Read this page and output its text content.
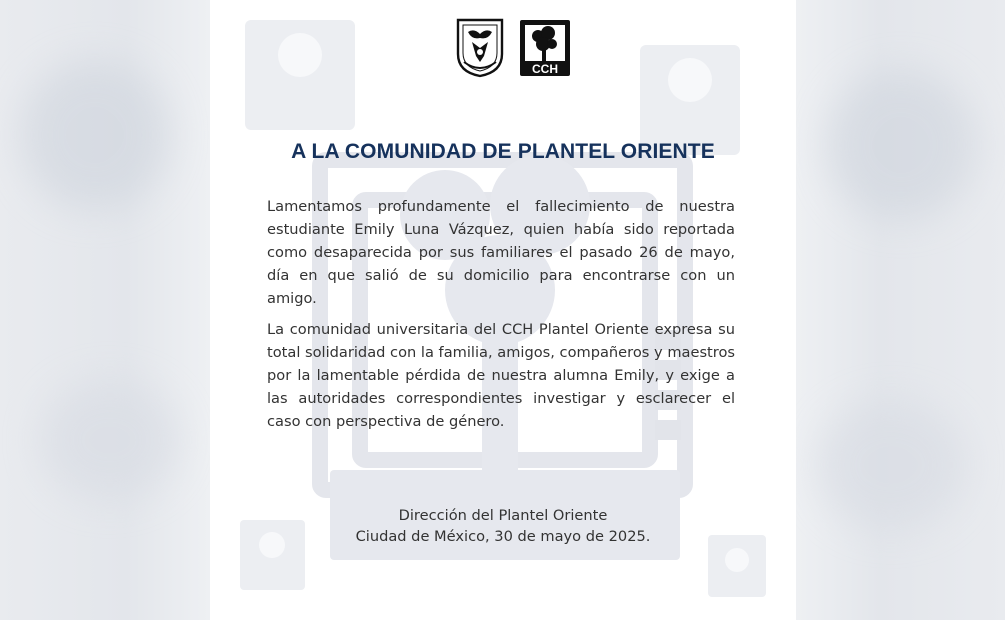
CCH
A LA COMUNIDAD DE PLANTEL ORIENTE

Lamentamos profundamente el fallecimiento de nuestra estudiante Emily Luna Vázquez, quien había sido reportada como desaparecida por sus familiares el pasado 26 de mayo, día en que salió de su domicilio para encontrarse con un amigo.

La comunidad universitaria del CCH Plantel Oriente expresa su total solidaridad con la familia, amigos, compañeros y maestros por la lamentable pérdida de nuestra alumna Emily, y exige a las autoridades correspondientes investigar y esclarecer el caso con perspectiva de género.

Dirección del Plantel Oriente
Ciudad de México, 30 de mayo de 2025.
